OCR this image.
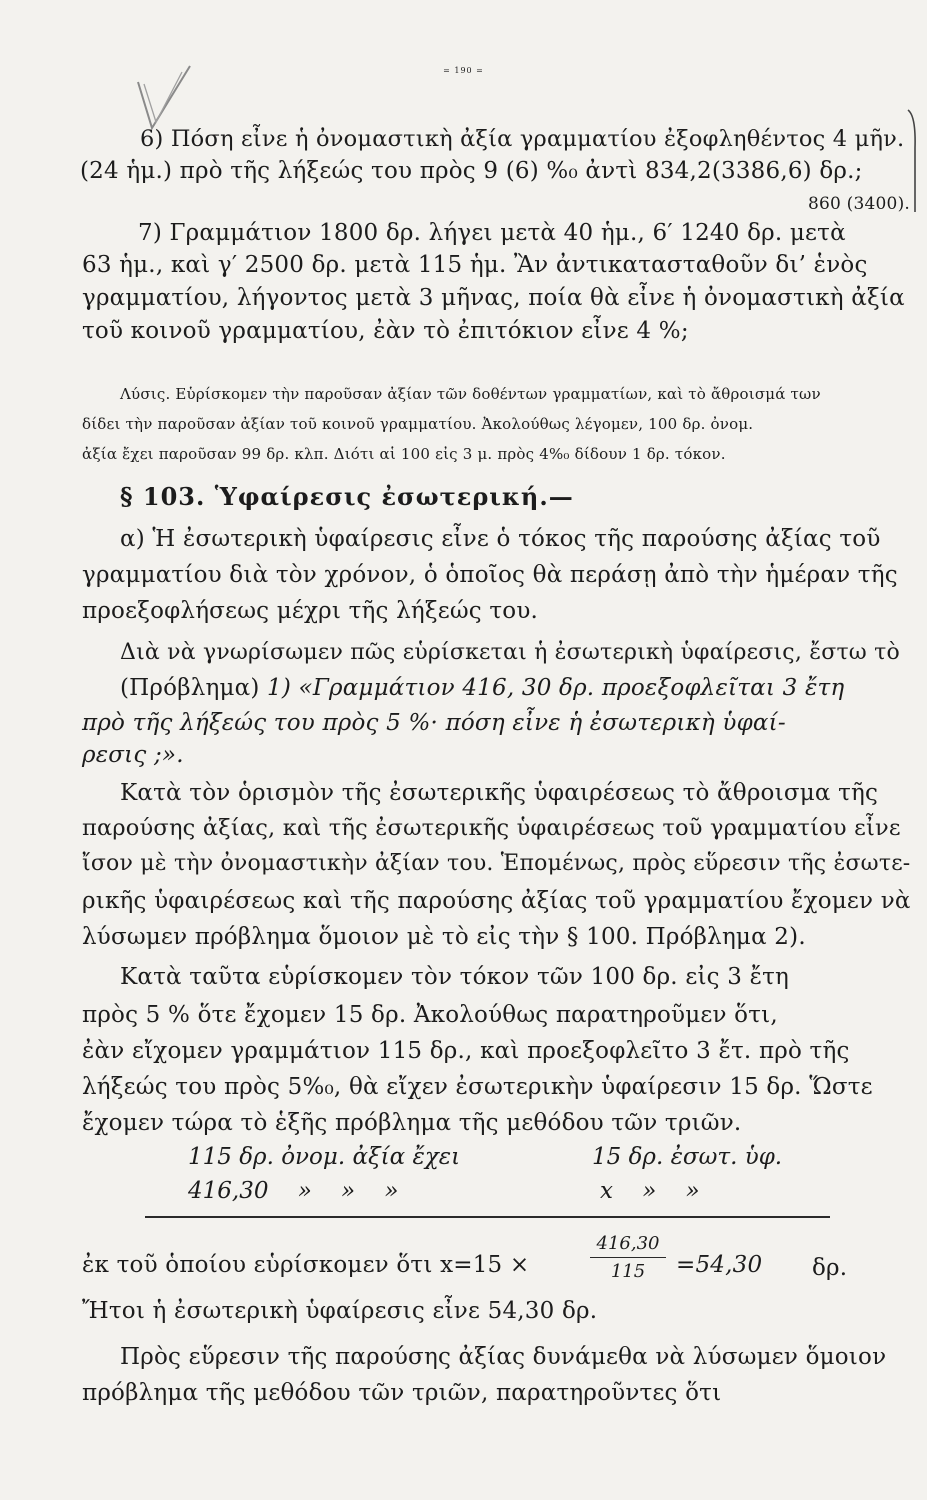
= 190 =
6) Πόση εἶνε ἡ ὀνομαστικὴ ἀξία γραμματίου ἐξοφληθέντος 4 μῆν.
(24 ἡμ.) πρὸ τῆς λήξεώς του πρὸς 9 (6) %₀ ἀντὶ 834,2(3386,6) δρ.;
860 (3400).
7) Γραμμάτιον 1800 δρ. λήγει μετὰ 40 ἡμ., 6′ 1240 δρ. μετὰ
63 ἡμ., καὶ γ′ 2500 δρ. μετὰ 115 ἡμ. Ἂν ἀντικατασταθοῦν δι’ ἑνὸς
γραμματίου, λήγοντος μετὰ 3 μῆνας, ποία θὰ εἶνε ἡ ὀνομαστικὴ ἀξία
τοῦ κοινοῦ γραμματίου, ἐὰν τὸ ἐπιτόκιον εἶνε 4 %;
Λύσις. Εὑρίσκομεν τὴν παροῦσαν ἀξίαν τῶν δοθέντων γραμματίων, καὶ τὸ ἄθροισμά των
δίδει τὴν παροῦσαν ἀξίαν τοῦ κοινοῦ γραμματίου. Ἀκολούθως λέγομεν, 100 δρ. ὀνομ.
ἀξία ἔχει παροῦσαν 99 δρ. κλπ. Διότι αἱ 100 εἰς 3 μ. πρὸς 4%₀ δίδουν 1 δρ. τόκον.
§ 103. Ὑφαίρεσις ἐσωτερική.—
α) Ἡ ἐσωτερικὴ ὑφαίρεσις εἶνε ὁ τόκος τῆς παρούσης ἀξίας τοῦ
γραμματίου διὰ τὸν χρόνον, ὁ ὁποῖος θὰ περάσῃ ἀπὸ τὴν ἡμέραν τῆς
προεξοφλήσεως μέχρι τῆς λήξεώς του.
Διὰ νὰ γνωρίσωμεν πῶς εὑρίσκεται ἡ ἐσωτερικὴ ὑφαίρεσις, ἔστω τὸ
(Πρόβλημα) 1) «Γραμμάτιον 416, 30 δρ. προεξοφλεῖται 3 ἔτη
πρὸ τῆς λήξεώς του πρὸς 5 %· πόση εἶνε ἡ ἐσωτερικὴ ὑφαί-
ρεσις ;».
Κατὰ τὸν ὁρισμὸν τῆς ἐσωτερικῆς ὑφαιρέσεως τὸ ἄθροισμα τῆς
παρούσης ἀξίας, καὶ τῆς ἐσωτερικῆς ὑφαιρέσεως τοῦ γραμματίου εἶνε
ἴσον μὲ τὴν ὀνομαστικὴν ἀξίαν του. Ἑπομένως, πρὸς εὕρεσιν τῆς ἐσωτε-
ρικῆς ὑφαιρέσεως καὶ τῆς παρούσης ἀξίας τοῦ γραμματίου ἔχομεν νὰ
λύσωμεν πρόβλημα ὅμοιον μὲ τὸ εἰς τὴν § 100. Πρόβλημα 2).
Κατὰ ταῦτα εὑρίσκομεν τὸν τόκον τῶν 100 δρ. εἰς 3 ἔτη
πρὸς 5 % ὅτε ἔχομεν 15 δρ. Ἀκολούθως παρατηροῦμεν ὅτι,
ἐὰν εἴχομεν γραμμάτιον 115 δρ., καὶ προεξοφλεῖτο 3 ἔτ. πρὸ τῆς
λήξεώς του πρὸς 5%₀, θὰ εἴχεν ἐσωτερικὴν ὑφαίρεσιν 15 δρ. Ὥστε
ἔχομεν τώρα τὸ ἑξῆς πρόβλημα τῆς μεθόδου τῶν τριῶν.
115 δρ. ὀνομ. ἀξία ἔχει	15 δρ. ἐσωτ. ὑφ.
416,30    »    »    »	x    »    »
ἐκ τοῦ ὁποίου εὑρίσκομεν ὅτι x=15 ×
416,30
115	=54,30 δρ.
Ἤτοι ἡ ἐσωτερικὴ ὑφαίρεσις εἶνε 54,30 δρ.
Πρὸς εὕρεσιν τῆς παρούσης ἀξίας δυνάμεθα νὰ λύσωμεν ὅμοιον
πρόβλημα τῆς μεθόδου τῶν τριῶν, παρατηροῦντες ὅτι
